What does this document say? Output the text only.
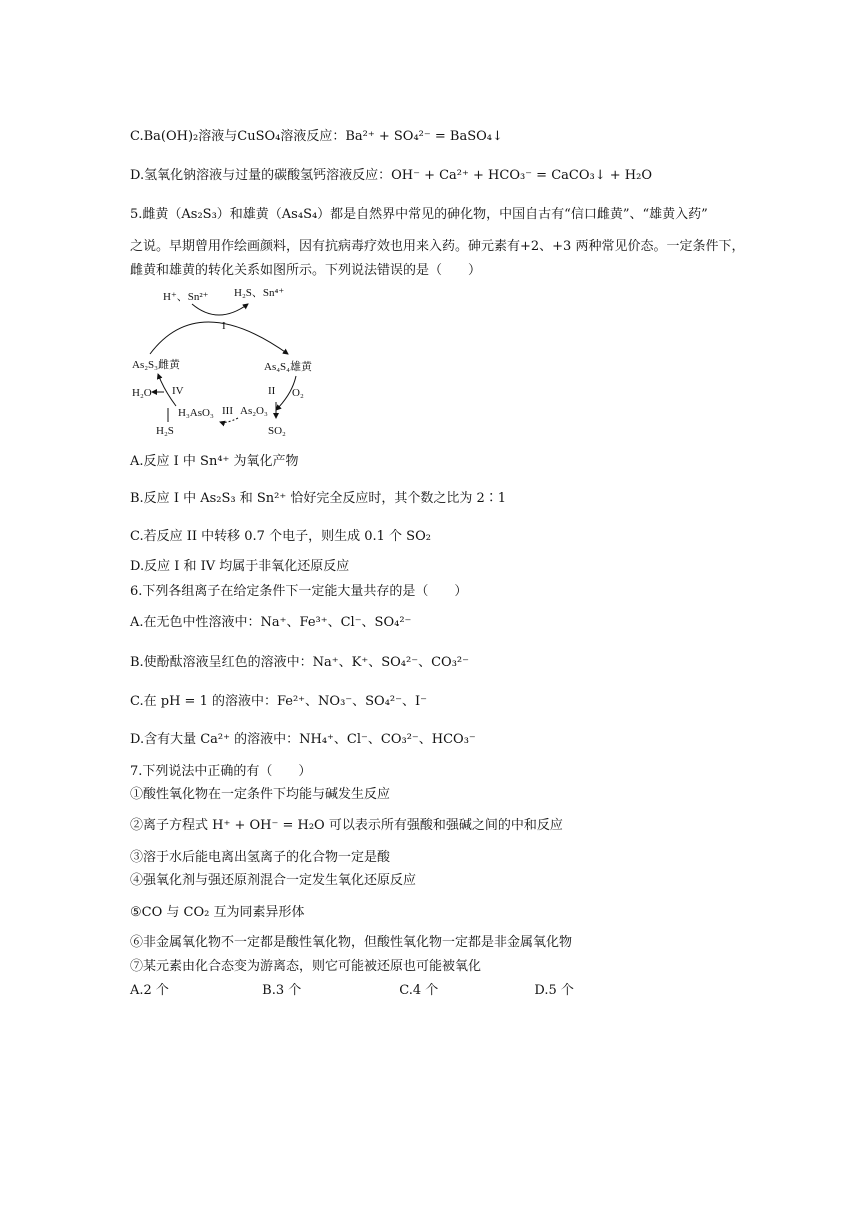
C.Ba(OH)₂溶液与CuSO₄溶液反应：Ba²⁺ + SO₄²⁻ = BaSO₄↓
D.氢氧化钠溶液与过量的碳酸氢钙溶液反应：OH⁻ + Ca²⁺ + HCO₃⁻ = CaCO₃↓ + H₂O
5.雌黄（As₂S₃）和雄黄（As₄S₄）都是自然界中常见的砷化物，中国自古有“信口雌黄”、“雄黄入药”
之说。早期曾用作绘画颜料，因有抗病毒疗效也用来入药。砷元素有+2、+3 两种常见价态。一定条件下，
雌黄和雄黄的转化关系如图所示。下列说法错误的是（　　）
H⁺、Sn²⁺ H₂S、Sn⁴⁺
I
As₂S₃雌黄	As₄S₄雄黄
II O₂
As₂O₃
SO₂
III
H₃AsO₃
IV
H₂O
H₂S
A.反应 I 中 Sn⁴⁺ 为氧化产物
B.反应 I 中 As₂S₃ 和 Sn²⁺ 恰好完全反应时，其个数之比为 2∶1
C.若反应 II 中转移 0.7 个电子，则生成 0.1 个 SO₂
D.反应 I 和 IV 均属于非氧化还原反应
6.下列各组离子在给定条件下一定能大量共存的是（　　）
A.在无色中性溶液中：Na⁺、Fe³⁺、Cl⁻、SO₄²⁻
B.使酚酞溶液呈红色的溶液中：Na⁺、K⁺、SO₄²⁻、CO₃²⁻
C.在 pH = 1 的溶液中：Fe²⁺、NO₃⁻、SO₄²⁻、I⁻
D.含有大量 Ca²⁺ 的溶液中：NH₄⁺、Cl⁻、CO₃²⁻、HCO₃⁻
7.下列说法中正确的有（　　）
①酸性氧化物在一定条件下均能与碱发生反应
②离子方程式 H⁺ + OH⁻ = H₂O 可以表示所有强酸和强碱之间的中和反应
③溶于水后能电离出氢离子的化合物一定是酸
④强氧化剂与强还原剂混合一定发生氧化还原反应
⑤CO 与 CO₂ 互为同素异形体
⑥非金属氧化物不一定都是酸性氧化物，但酸性氧化物一定都是非金属氧化物
⑦某元素由化合态变为游离态，则它可能被还原也可能被氧化
A.2 个	B.3 个	C.4 个	D.5 个
